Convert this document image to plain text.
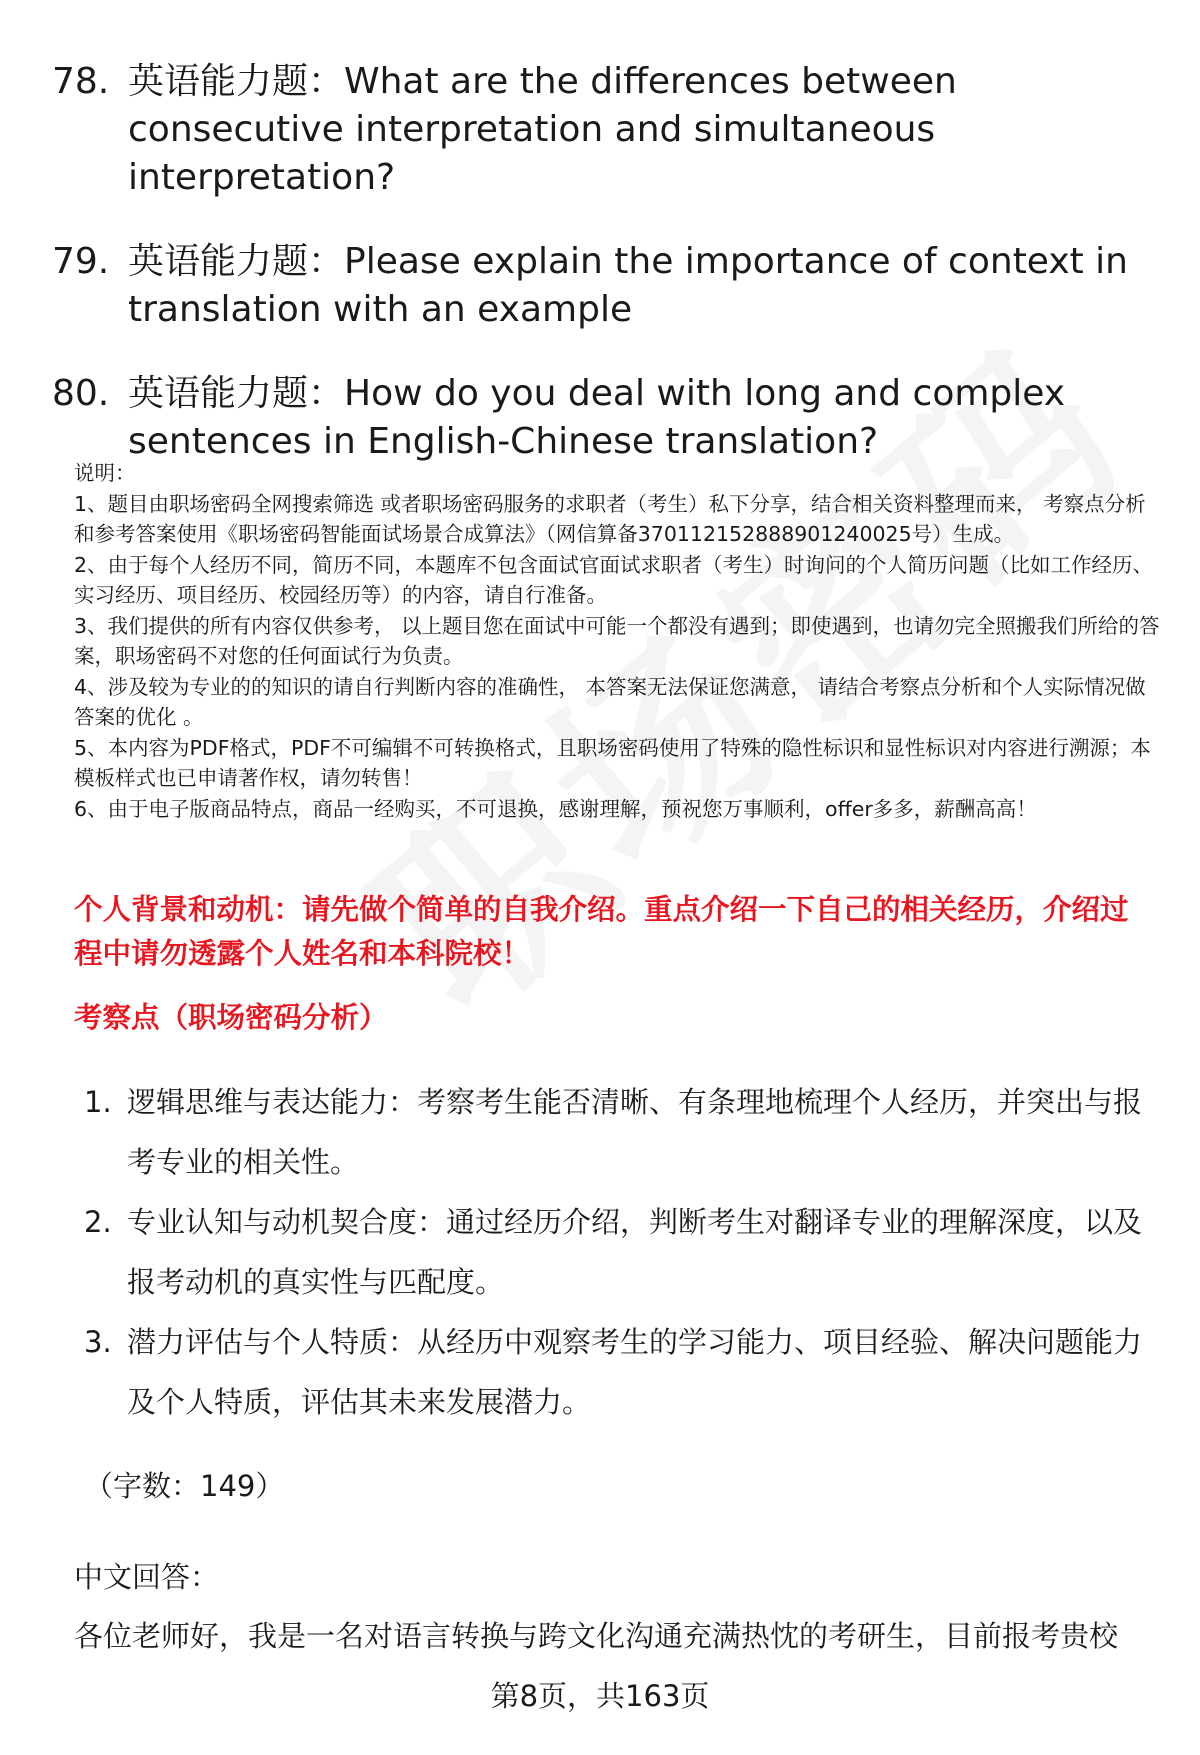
78. 英语能力题：What are the differences between consecutive interpretation and simultaneous interpretation?
79. 英语能力题：Please explain the importance of context in translation with an example
80. 英语能力题：How do you deal with long and complex sentences in English-Chinese translation?

说明：

1、题目由职场密码全网搜索筛选 或者职场密码服务的求职者（考生）私下分享，结合相关资料整理而来， 考察点分析和参考答案使用《职场密码智能面试场景合成算法》（网信算备370112152888901240025号）生成。

2、由于每个人经历不同，简历不同，本题库不包含面试官面试求职者（考生）时询问的个人简历问题（比如工作经历、实习经历、项目经历、校园经历等）的内容，请自行准备。

3、我们提供的所有内容仅供参考， 以上题目您在面试中可能一个都没有遇到；即使遇到，也请勿完全照搬我们所给的答案，职场密码不对您的任何面试行为负责。

4、涉及较为专业的的知识的请自行判断内容的准确性， 本答案无法保证您满意， 请结合考察点分析和个人实际情况做答案的优化 。

5、本内容为PDF格式，PDF不可编辑不可转换格式，且职场密码使用了特殊的隐性标识和显性标识对内容进行溯源；本模板样式也已申请著作权，请勿转售！

6、由于电子版商品特点，商品一经购买，不可退换，感谢理解，预祝您万事顺利，offer多多，薪酬高高！

个人背景和动机：请先做个简单的自我介绍。重点介绍一下自己的相关经历，介绍过程中请勿透露个人姓名和本科院校！
考察点（职场密码分析）
1. 逻辑思维与表达能力：考察考生能否清晰、有条理地梳理个人经历，并突出与报考专业的相关性。
2. 专业认知与动机契合度：通过经历介绍，判断考生对翻译专业的理解深度，以及报考动机的真实性与匹配度。
3. 潜力评估与个人特质：从经历中观察考生的学习能力、项目经验、解决问题能力及个人特质，评估其未来发展潜力。
（字数：149）
中文回答：
各位老师好，我是一名对语言转换与跨文化沟通充满热忱的考研生，目前报考贵校
第8页，共163页
